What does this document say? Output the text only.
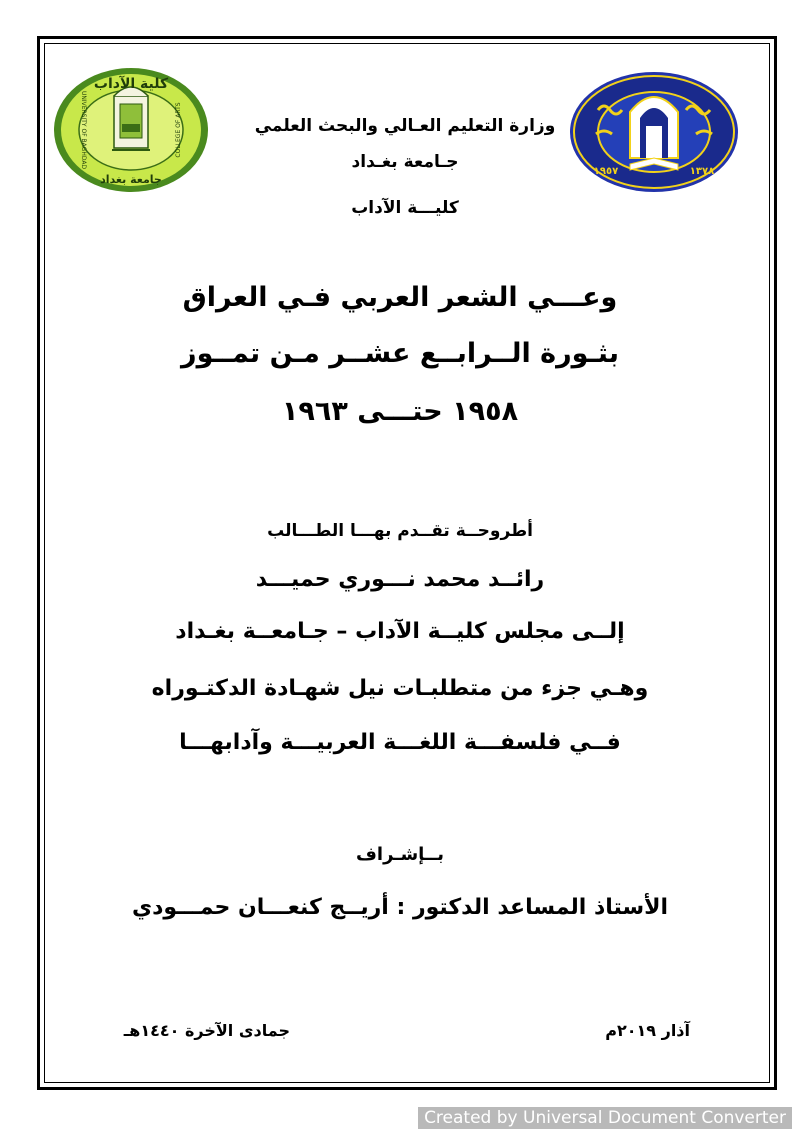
UNIVERSITY OF BAGHDAD	COLLEGE OF ARTS
كلية الآداب
جامعة بغداد
١٩٥٧	١٣٧٨
وزارة التعليم العـالي والبحث العلمي
جـامعة بغـداد
كليـــة الآداب
وعـــي الشعر العربي فـي العراق
بثـورة الــرابــع عشــر مـن تمــوز
١٩٥٨ حتـــى ١٩٦٣
أطروحــة تقــدم بهـــا الطـــالب
رائــد محمد نـــوري حميـــد
إلــى مجلس كليــة الآداب – جـامعــة بغـداد
وهـي جزء من متطلبـات نيل شهـادة الدكتـوراه
فــي فلسفـــة اللغـــة العربيـــة وآدابهـــا
بــإشـراف
الأستاذ المساعد الدكتور : أريــج كنعـــان حمـــودي
آذار ٢٠١٩م
جمادى الآخرة ١٤٤٠هـ
Created by Universal Document Converter
